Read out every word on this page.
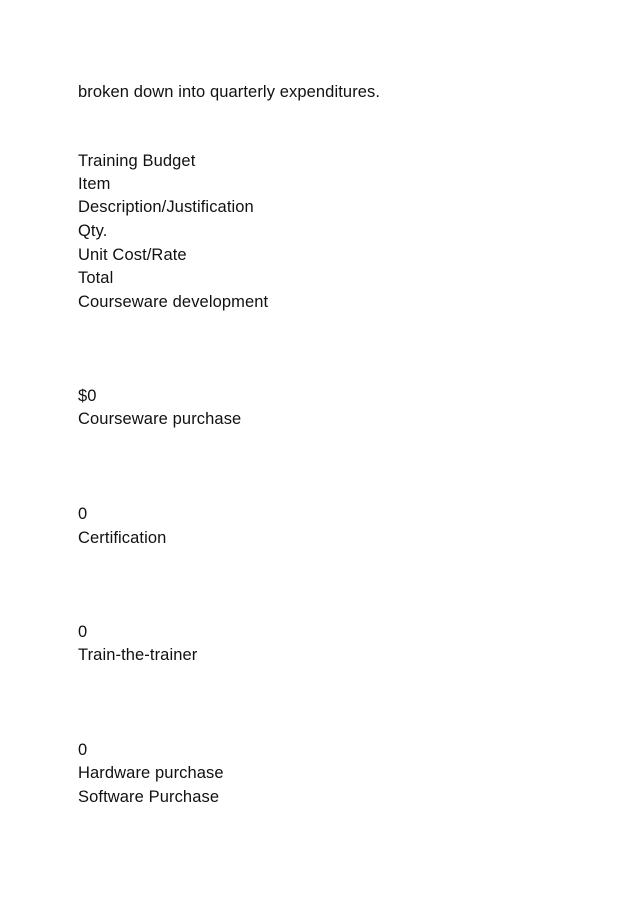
broken down into quarterly expenditures.
Training Budget
Item
Description/Justification
Qty.
Unit Cost/Rate
Total
Courseware development
$0
Courseware purchase
0
Certification
0
Train-the-trainer
0
Hardware purchase
Software Purchase
